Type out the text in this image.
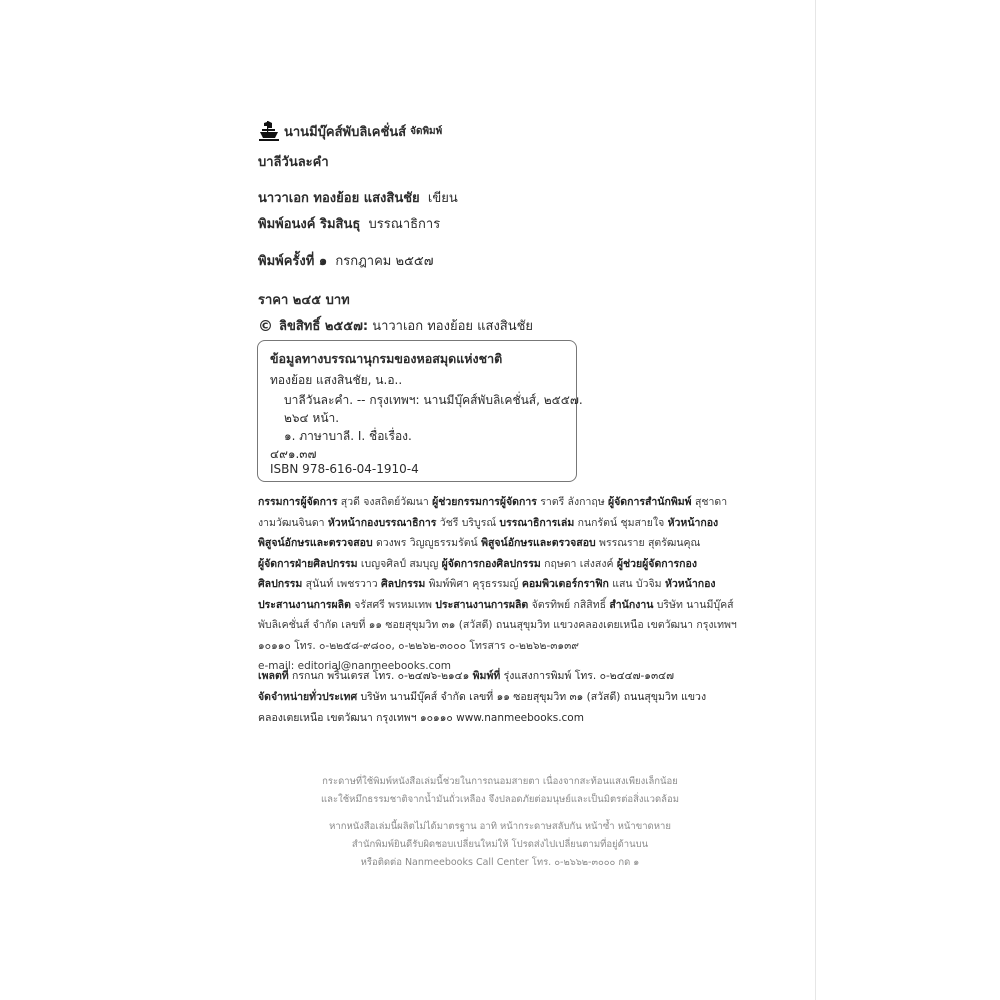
นานมีบุ๊คส์พับลิเคชั่นส์ จัดพิมพ์
บาลีวันละคำ
นาวาเอก ทองย้อย แสงสินชัย เขียน
พิมพ์อนงค์ ริมสินธุ บรรณาธิการ
พิมพ์ครั้งที่ ๑ กรกฎาคม ๒๕๕๗
ราคา ๒๔๕ บาท
© ลิขสิทธิ์ ๒๕๕๗:
นาวาเอก ทองย้อย แสงสินชัย
ข้อมูลทางบรรณานุกรมของหอสมุดแห่งชาติ
ทองย้อย แสงสินชัย, น.อ..
บาลีวันละคำ. -- กรุงเทพฯ: นานมีบุ๊คส์พับลิเคชั่นส์, ๒๕๕๗.
๒๖๔ หน้า.
๑. ภาษาบาลี. I. ชื่อเรื่อง.
๔๙๑.๓๗
ISBN 978-616-04-1910-4
กรรมการผู้จัดการ สุวดี จงสถิตย์วัฒนา ผู้ช่วยกรรมการผู้จัดการ ราตรี ลังกาฤษ ผู้จัดการสำนักพิมพ์ สุชาดา
งามวัฒนจินดา หัวหน้ากองบรรณาธิการ วัชรี บริบูรณ์ บรรณาธิการเล่ม กนกรัตน์ ชุมสายใจ หัวหน้ากอง
พิสูจน์อักษรและตรวจสอบ ดวงพร วิญญูธรรมรัตน์ พิสูจน์อักษรและตรวจสอบ พรรณราย สุตรัฒนคุณ
ผู้จัดการฝ่ายศิลปกรรม เบญจศิลป์ สมบุญ ผู้จัดการกองศิลปกรรม กฤษดา เส่งสงค์ ผู้ช่วยผู้จัดการกอง
ศิลปกรรม สุนันท์ เพชรวาว ศิลปกรรม พิมพ์พิศา คุรุธรรมญ์ คอมพิวเตอร์กราฟิก แสน บัวจิม หัวหน้ากอง
ประสานงานการผลิต จรัสศรี พรหมเทพ ประสานงานการผลิต จัตรทิพย์ กสิสิทธิ์ สำนักงาน บริษัท นานมีบุ๊คส์
พับลิเคชั่นส์ จำกัด เลขที่ ๑๑ ซอยสุขุมวิท ๓๑ (สวัสดี) ถนนสุขุมวิท แขวงคลองเตยเหนือ เขตวัฒนา กรุงเทพฯ
๑๐๑๑๐ โทร. ๐-๒๒๕๘-๙๘๐๐, ๐-๒๒๖๒-๓๐๐๐ โทรสาร ๐-๒๒๖๒-๓๑๓๙
e-mail: editorial@nanmeebooks.com
เพลตที่ กรกนก พริ้นเตรส โทร. ๐-๒๔๗๖-๒๑๔๑ พิมพ์ที่ รุ่งแสงการพิมพ์ โทร. ๐-๒๔๔๗-๑๓๔๗
จัดจำหน่ายทั่วประเทศ บริษัท นานมีบุ๊คส์ จำกัด เลขที่ ๑๑ ซอยสุขุมวิท ๓๑ (สวัสดี) ถนนสุขุมวิท แขวง
คลองเตยเหนือ เขตวัฒนา กรุงเทพฯ ๑๐๑๑๐ www.nanmeebooks.com
กระดาษที่ใช้พิมพ์หนังสือเล่มนี้ช่วยในการถนอมสายตา เนื่องจากสะท้อนแสงเพียงเล็กน้อย
และใช้หมึกธรรมชาติจากน้ำมันถั่วเหลือง จึงปลอดภัยต่อมนุษย์และเป็นมิตรต่อสิ่งแวดล้อม
หากหนังสือเล่มนี้ผลิตไม่ได้มาตรฐาน อาทิ หน้ากระดาษสลับกัน หน้าซ้ำ หน้าขาดหาย
สำนักพิมพ์ยินดีรับผิดชอบเปลี่ยนใหม่ให้ โปรดส่งไปเปลี่ยนตามที่อยู่ด้านบน
หรือติดต่อ Nanmeebooks Call Center โทร. ๐-๒๖๖๒-๓๐๐๐ กด ๑
